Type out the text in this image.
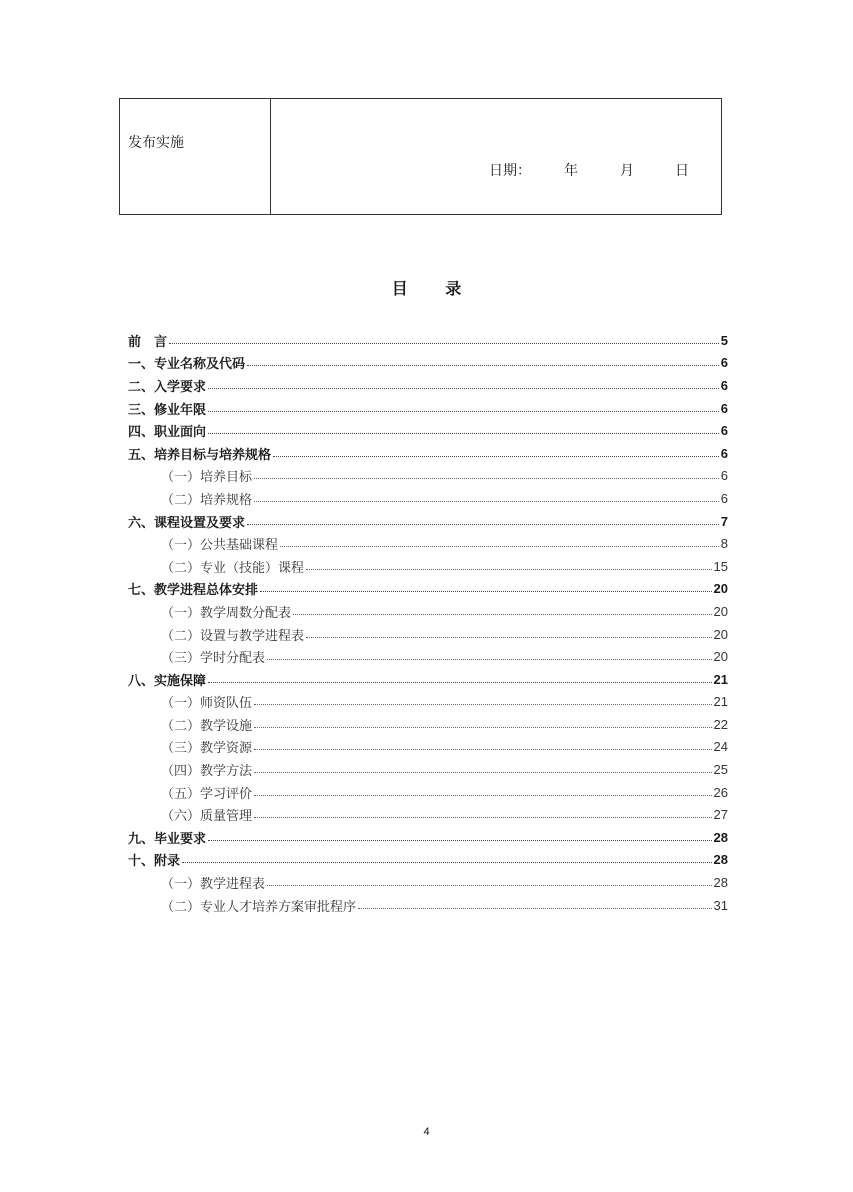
发布实施
日期：	年	月	日
目 录
前　言	5
一、专业名称及代码	6
二、入学要求	6
三、修业年限	6
四、职业面向	6
五、培养目标与培养规格	6
（一）培养目标	6
（二）培养规格	6
六、课程设置及要求	7
（一）公共基础课程	8
（二）专业（技能）课程	15
七、教学进程总体安排	20
（一）教学周数分配表	20
（二）设置与教学进程表	20
（三）学时分配表	20
八、实施保障	21
（一）师资队伍	21
（二）教学设施	22
（三）教学资源	24
（四）教学方法	25
（五）学习评价	26
（六）质量管理	27
九、毕业要求	28
十、附录	28
（一）教学进程表	28
（二）专业人才培养方案审批程序	31
4
